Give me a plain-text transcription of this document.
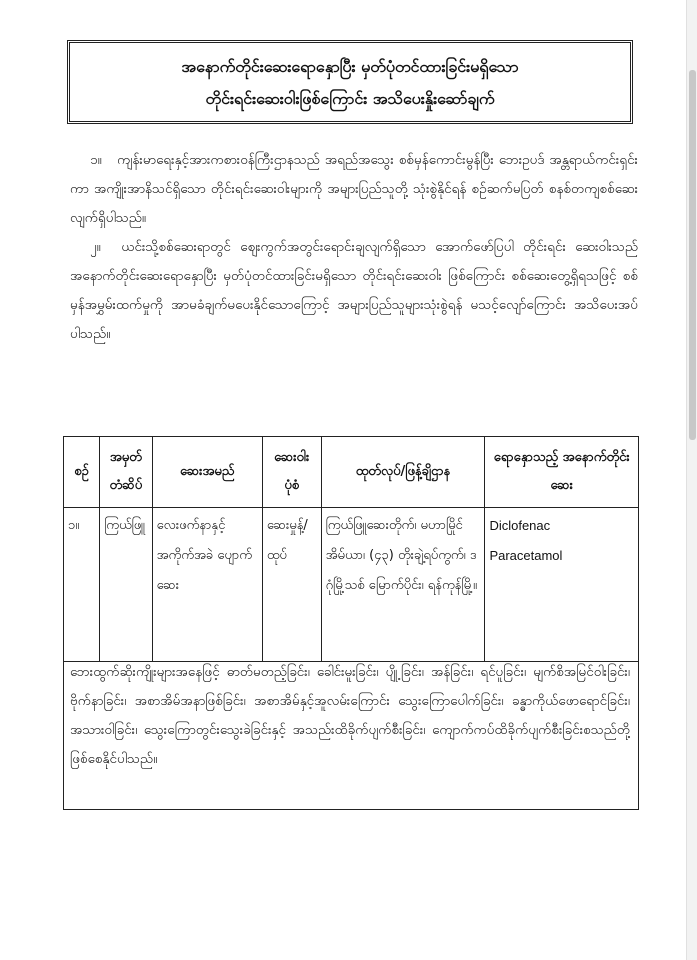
အနောက်တိုင်းဆေးရောနှောပြီး မှတ်ပုံတင်ထားခြင်းမရှိသော
တိုင်းရင်းဆေးဝါးဖြစ်ကြောင်း အသိပေးနှိုးဆော်ချက်
၁။ ကျန်းမာရေးနှင့်အားကစားဝန်ကြီးဌာနသည် အရည်အသွေး စစ်မှန်ကောင်းမွန်ပြီး ဘေးဥပဒ် အန္တရာယ်ကင်းရှင်းကာ အကျိုးအာနိသင်ရှိသော တိုင်းရင်းဆေးဝါးများကို အများပြည်သူတို့ သုံးစွဲနိုင်ရန် စဉ်ဆက်မပြတ် စနစ်တကျစစ်ဆေးလျက်ရှိပါသည်။
၂။ ယင်းသို့စစ်ဆေးရာတွင် ဈေးကွက်အတွင်းရောင်းချလျက်ရှိသော အောက်ဖော်ပြပါ တိုင်းရင်း ဆေးဝါးသည် အနောက်တိုင်းဆေးရောနှောပြီး မှတ်ပုံတင်ထားခြင်းမရှိသော တိုင်းရင်းဆေးဝါး ဖြစ်ကြောင်း စစ်ဆေးတွေ့ရှိရသဖြင့် စစ်မှန်အမွှမ်းထက်မှုကို အာမခံချက်မပေးနိုင်သောကြောင့် အများပြည်သူများသုံးစွဲရန် မသင့်လျော်ကြောင်း အသိပေးအပ်ပါသည်။
စဉ်	အမှတ်တံဆိပ်	ဆေးအမည်	ဆေးဝါးပုံစံ	ထုတ်လုပ်/ဖြန့်ချိဌာန	ရောနှောသည့် အနောက်တိုင်းဆေး
၁။	ကြယ်ဖြူ	လေးဖက်နာနှင့် အကိုက်အခဲ ပျောက်ဆေး	ဆေးမှုန့်/ထုပ်	ကြယ်ဖြူဆေးတိုက်၊ မဟာမြိုင်အိမ်ယာ၊ (၄၃) တိုးချဲ့ရပ်ကွက်၊ ဒဂုံမြို့သစ် မြောက်ပိုင်း၊ ရန်ကုန်မြို့။	Diclofenac
Paracetamol
ဘေးထွက်ဆိုးကျိုးများအနေဖြင့် ဓာတ်မတည့်ခြင်း၊ ခေါင်းမူးခြင်း၊ ပျို့ခြင်း၊ အန်ခြင်း၊ ရင်ပူခြင်း၊ မျက်စိအမြင်ဝါးခြင်း၊ ဗိုက်နာခြင်း၊ အစာအိမ်အနာဖြစ်ခြင်း၊ အစာအိမ်နှင့်အူလမ်းကြောင်း သွေးကြောပေါက်ခြင်း၊ ခန္ဓာကိုယ်ဖောရောင်ခြင်း၊ အသားဝါခြင်း၊ သွေးကြောတွင်းသွေးခဲခြင်းနှင့် အသည်းထိခိုက်ပျက်စီးခြင်း၊ ကျောက်ကပ်ထိခိုက်ပျက်စီးခြင်းစသည်တို့ ဖြစ်စေနိုင်ပါသည်။
